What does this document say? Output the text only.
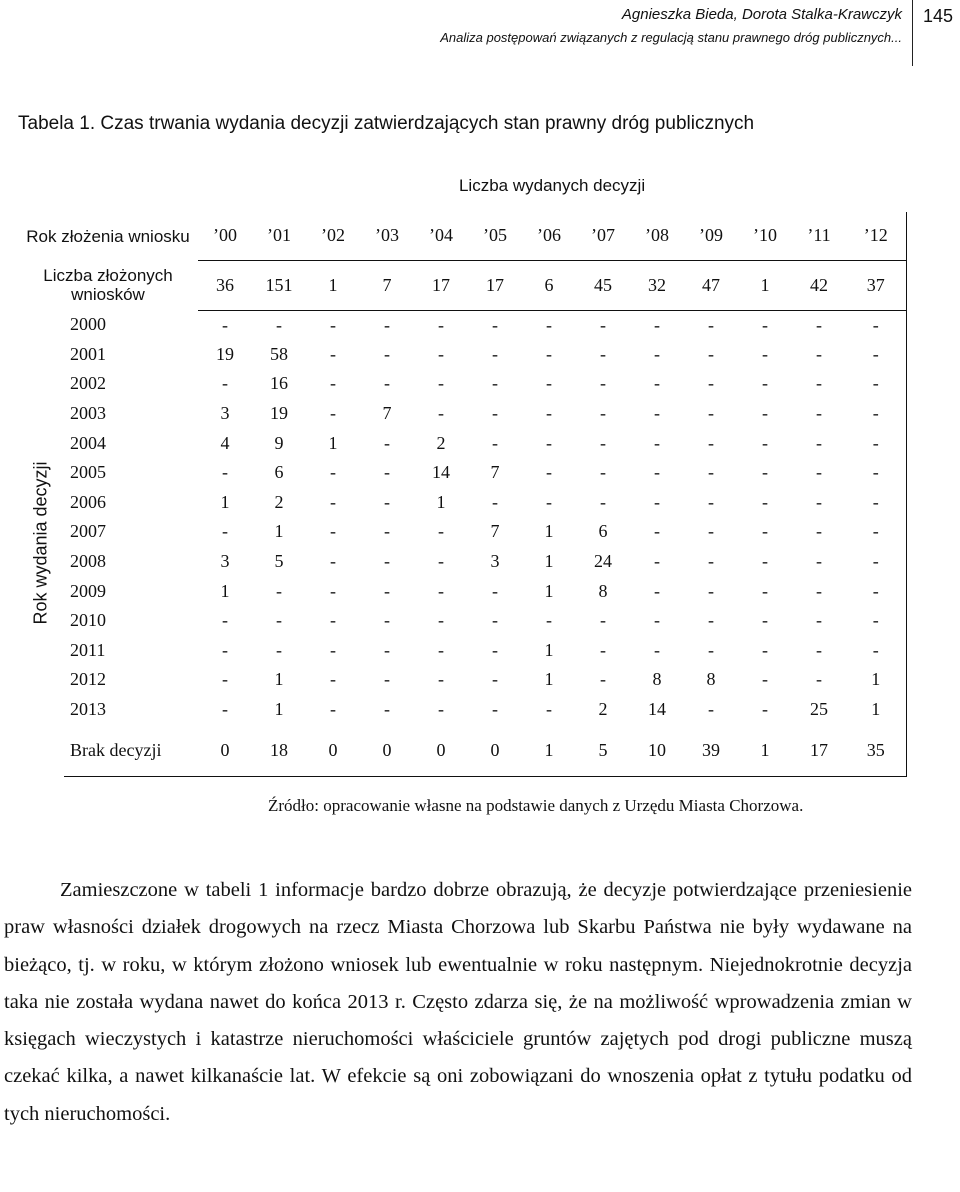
Agnieszka Bieda, Dorota Stalka-Krawczyk
Analiza postępowań związanych z regulacją stanu prawnego dróg publicznych...
145
Tabela 1. Czas trwania wydania decyzji zatwierdzających stan prawny dróg publicznych
		Liczba wydanych decyzji												
Rok złożenia wniosku		’00	’01	’02	’03	’04	’05	’06	’07	’08	’09	’10	’11	’12
Liczba złożonych wniosków		36	151	1	7	17	17	6	45	32	47	1	42	37

Rok wydania decyzji	2000	-	-	-	-	-	-	-	-	-	-	-	-	-
	2001	19	58	-	-	-	-	-	-	-	-	-	-	-
	2002	-	16	-	-	-	-	-	-	-	-	-	-	-
	2003	3	19	-	7	-	-	-	-	-	-	-	-	-
	2004	4	9	1	-	2	-	-	-	-	-	-	-	-
	2005	-	6	-	-	14	7	-	-	-	-	-	-	-
	2006	1	2	-	-	1	-	-	-	-	-	-	-	-
	2007	-	1	-	-	-	7	1	6	-	-	-	-	-
	2008	3	5	-	-	-	3	1	24	-	-	-	-	-
	2009	1	-	-	-	-	-	1	8	-	-	-	-	-
	2010	-	-	-	-	-	-	-	-	-	-	-	-	-
	2011	-	-	-	-	-	-	1	-	-	-	-	-	-
	2012	-	1	-	-	-	-	1	-	8	8	-	-	1
	2013	-	1	-	-	-	-	-	2	14	-	-	25	1
	Brak decyzji	0	18	0	0	0	0	1	5	10	39	1	17	35
Źródło: opracowanie własne na podstawie danych z Urzędu Miasta Chorzowa.

Zamieszczone w tabeli 1 informacje bardzo dobrze obrazują, że decyzje potwierdzające przeniesienie praw własności działek drogowych na rzecz Miasta Chorzowa lub Skarbu Państwa nie były wydawane na bieżąco, tj. w roku, w którym złożono wniosek lub ewentualnie w roku następnym. Niejednokrotnie decyzja taka nie została wydana nawet do końca 2013 r. Często zdarza się, że na możliwość wprowadzenia zmian w księgach wieczystych i katastrze nieruchomości właściciele gruntów zajętych pod drogi publiczne muszą czekać kilka, a nawet kilkanaście lat. W efekcie są oni zobowiązani do wnoszenia opłat z tytułu podatku od tych nieruchomości.
